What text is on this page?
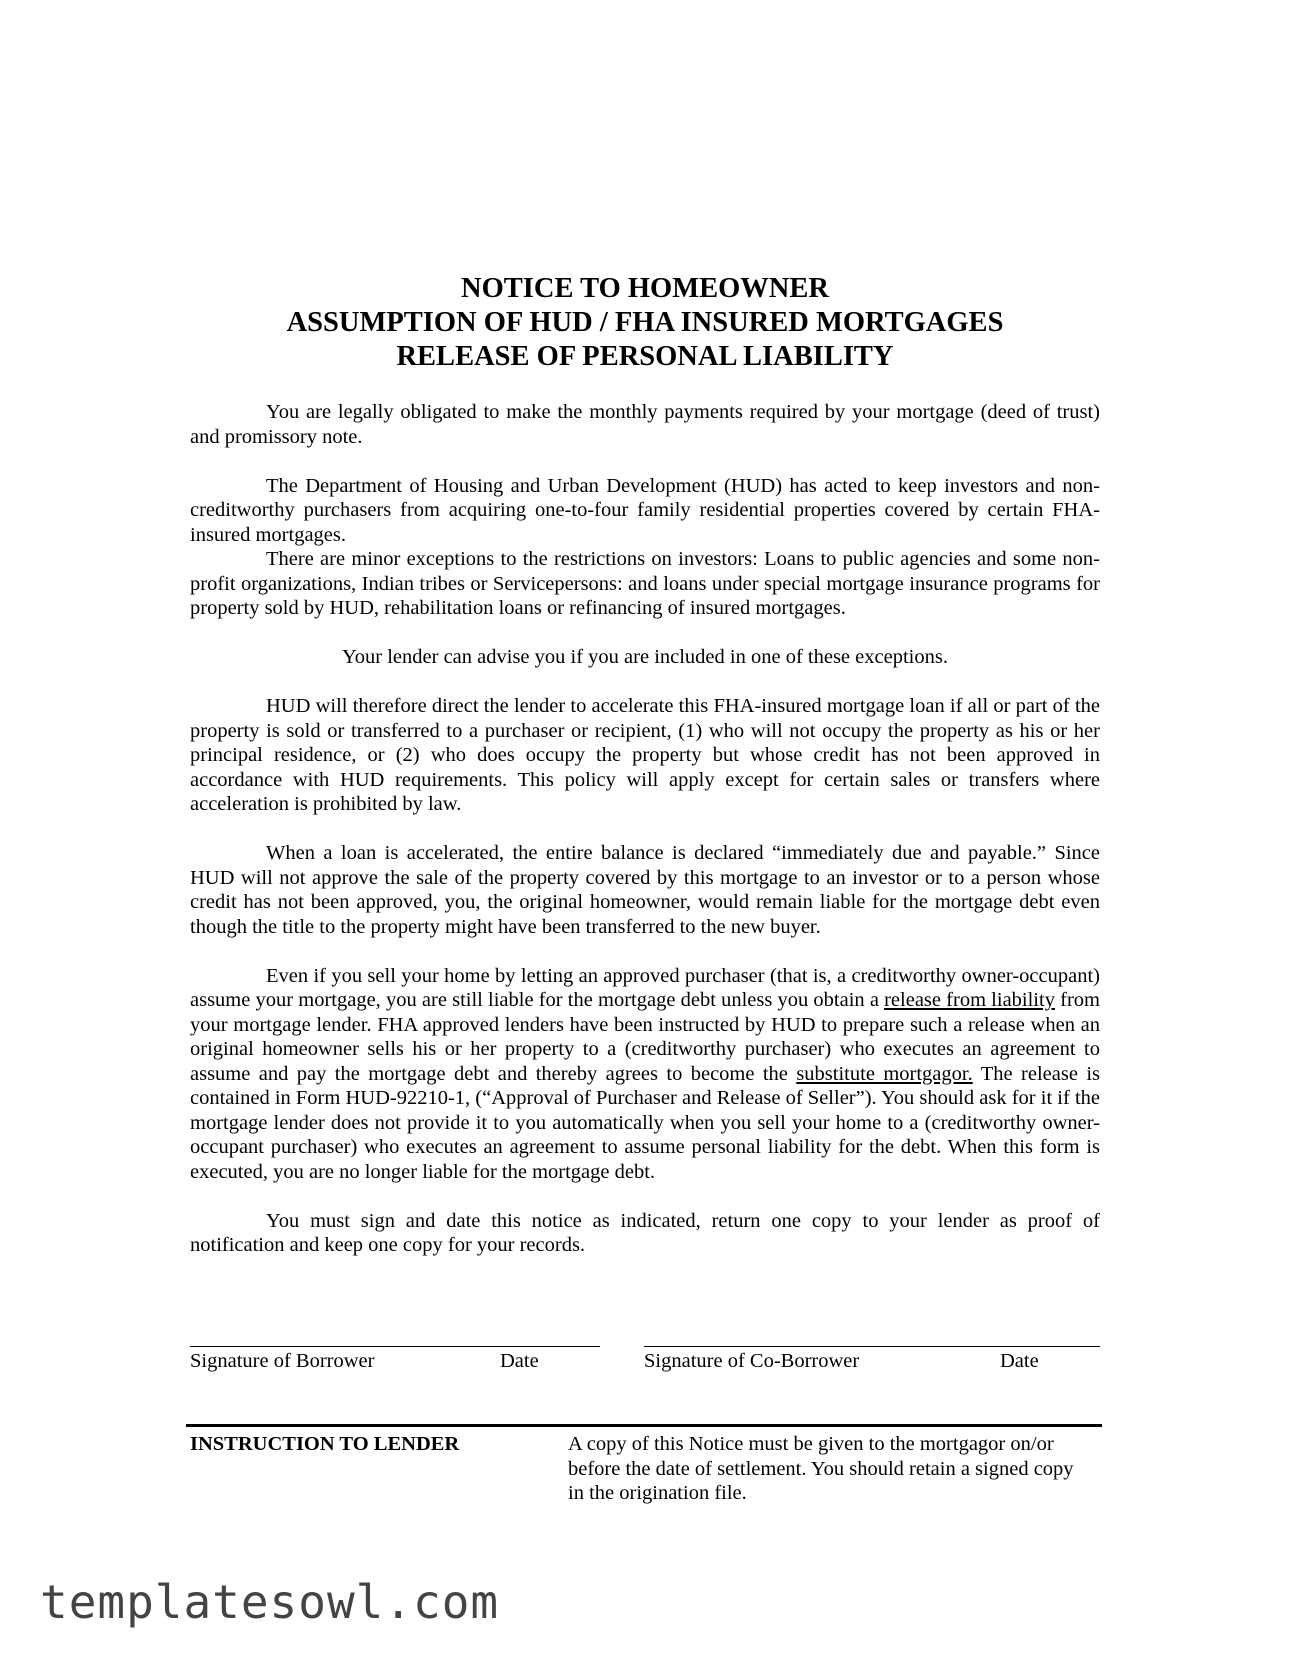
NOTICE TO HOMEOWNER
ASSUMPTION OF HUD / FHA INSURED MORTGAGES
RELEASE OF PERSONAL LIABILITY

You are legally obligated to make the monthly payments required by your mortgage (deed of trust) and promissory note.

The Department of Housing and Urban Development (HUD) has acted to keep investors and non-creditworthy purchasers from acquiring one-to-four family residential properties covered by certain FHA-insured mortgages.

There are minor exceptions to the restrictions on investors: Loans to public agencies and some non-profit organizations, Indian tribes or Servicepersons: and loans under special mortgage insurance programs for property sold by HUD, rehabilitation loans or refinancing of insured mortgages.

Your lender can advise you if you are included in one of these exceptions.

HUD will therefore direct the lender to accelerate this FHA-insured mortgage loan if all or part of the property is sold or transferred to a purchaser or recipient, (1) who will not occupy the property as his or her principal residence, or (2) who does occupy the property but whose credit has not been approved in accordance with HUD requirements. This policy will apply except for certain sales or transfers where acceleration is prohibited by law.

When a loan is accelerated, the entire balance is declared “immediately due and payable.” Since HUD will not approve the sale of the property covered by this mortgage to an investor or to a person whose credit has not been approved, you, the original homeowner, would remain liable for the mortgage debt even though the title to the property might have been transferred to the new buyer.

Even if you sell your home by letting an approved purchaser (that is, a creditworthy owner-occupant) assume your mortgage, you are still liable for the mortgage debt unless you obtain a release from liability from your mortgage lender. FHA approved lenders have been instructed by HUD to prepare such a release when an original homeowner sells his or her property to a (creditworthy purchaser) who executes an agreement to assume and pay the mortgage debt and thereby agrees to become the substitute mortgagor. The release is contained in Form HUD-92210-1, (“Approval of Purchaser and Release of Seller”). You should ask for it if the mortgage lender does not provide it to you automatically when you sell your home to a (creditworthy owner-occupant purchaser) who executes an agreement to assume personal liability for the debt. When this form is executed, you are no longer liable for the mortgage debt.

You must sign and date this notice as indicated, return one copy to your lender as proof of notification and keep one copy for your records.

Signature of Borrower	Date	Signature of Co-Borrower	Date
INSTRUCTION TO LENDER	A copy of this Notice must be given to the mortgagor on/or before the date of settlement. You should retain a signed copy in the origination file.
templatesowl.com
